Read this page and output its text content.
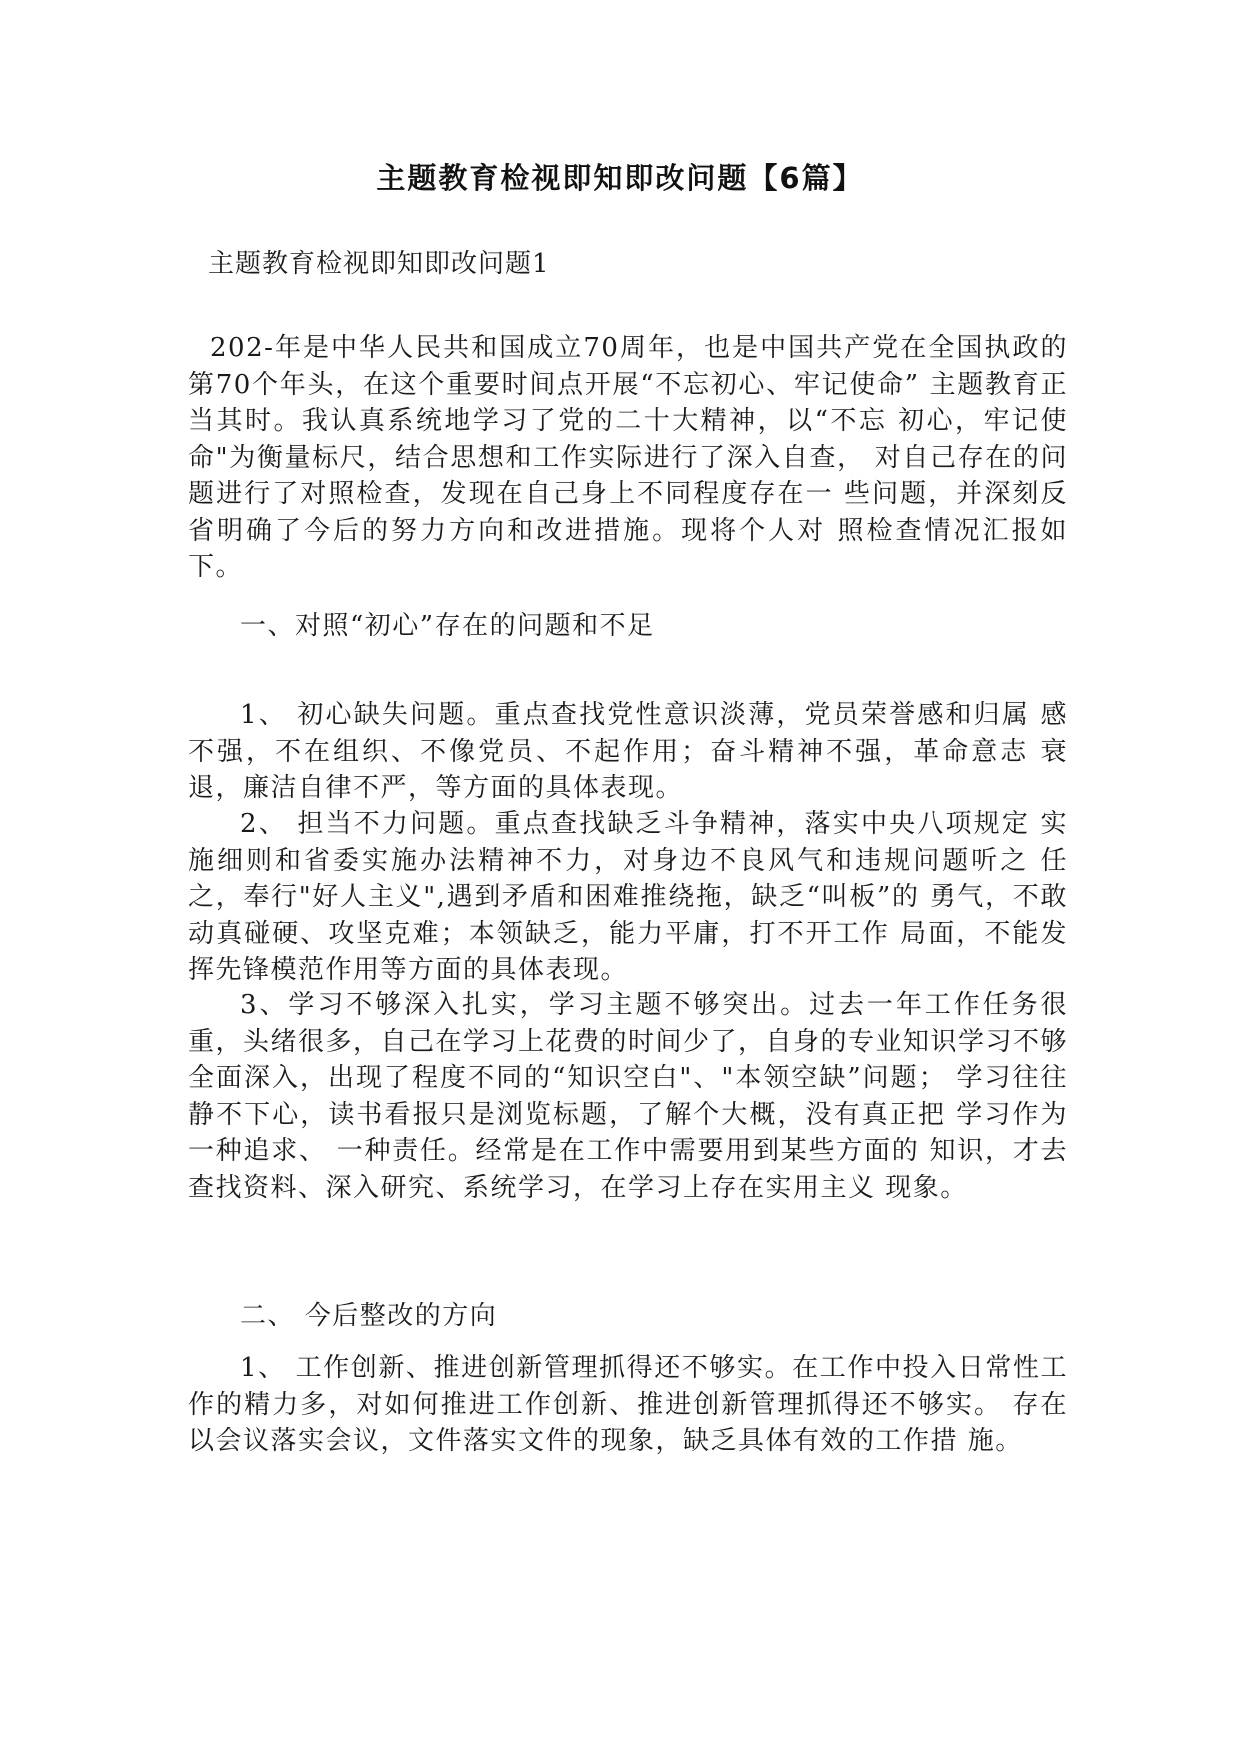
主题教育检视即知即改问题【6篇】

主题教育检视即知即改问题1

202-年是中华人民共和国成立70周年，也是中国共产党在全国执政的第70个年头，在这个重要时间点开展“不忘初心、牢记使命” 主题教育正当其时。我认真系统地学习了党的二十大精神，以“不忘 初心，牢记使命"为衡量标尺，结合思想和工作实际进行了深入自查， 对自己存在的问题进行了对照检查，发现在自己身上不同程度存在一 些问题，并深刻反省明确了今后的努力方向和改进措施。现将个人对 照检查情况汇报如下。

一、对照“初心”存在的问题和不足

1、 初心缺失问题。重点查找党性意识淡薄，党员荣誉感和归属 感不强，不在组织、不像党员、不起作用；奋斗精神不强，革命意志 衰退，廉洁自律不严，等方面的具体表现。

2、 担当不力问题。重点查找缺乏斗争精神，落实中央八项规定 实施细则和省委实施办法精神不力，对身边不良风气和违规问题听之 任之，奉行"好人主义",遇到矛盾和困难推绕拖，缺乏“叫板”的 勇气，不敢动真碰硬、攻坚克难；本领缺乏，能力平庸，打不开工作 局面，不能发挥先锋模范作用等方面的具体表现。

3、学习不够深入扎实，学习主题不够突出。过去一年工作任务很重，头绪很多，自己在学习上花费的时间少了，自身的专业知识学习不够全面深入，出现了程度不同的“知识空白"、"本领空缺”问题； 学习往往静不下心，读书看报只是浏览标题，了解个大概，没有真正把 学习作为一种追求、 一种责任。经常是在工作中需要用到某些方面的 知识，才去查找资料、深入研究、系统学习，在学习上存在实用主义 现象。

二、 今后整改的方向

1、 工作创新、推进创新管理抓得还不够实。在工作中投入日常性工作的精力多，对如何推进工作创新、推进创新管理抓得还不够实。 存在以会议落实会议，文件落实文件的现象，缺乏具体有效的工作措 施。
